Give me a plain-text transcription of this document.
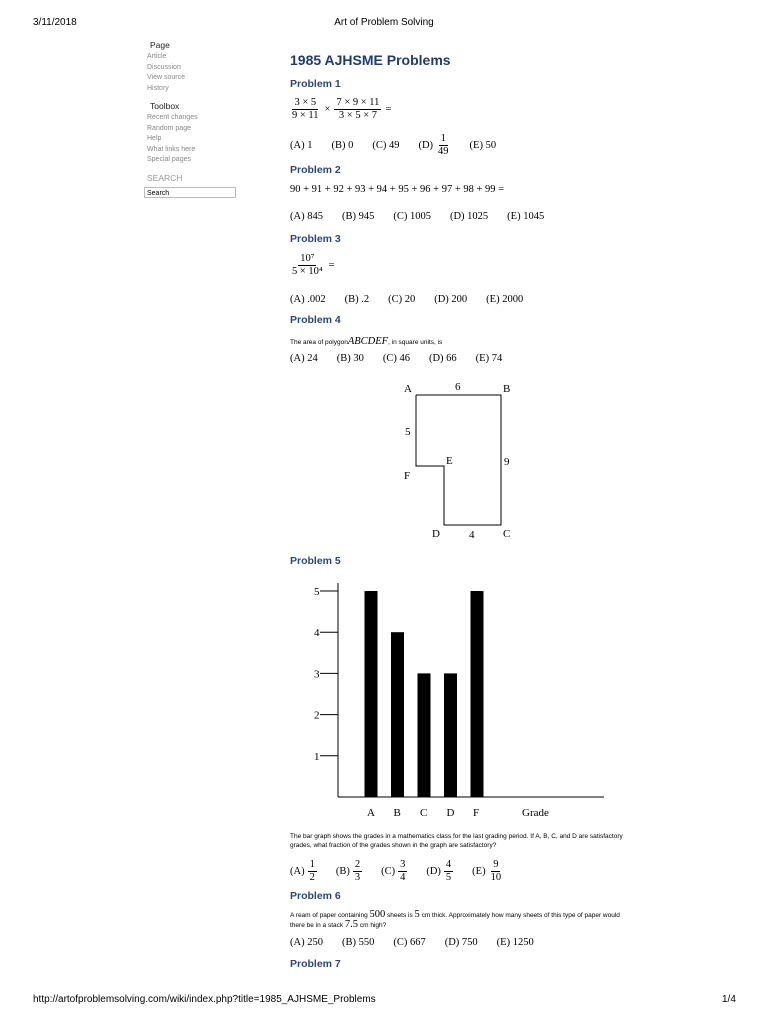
3/11/2018	Art of Problem Solving
Page
Article
Discussion
View source
History
Toolbox
Recent changes
Random page
Help
What links here
Special pages
SEARCH
Search
1985 AJHSME Problems
Problem 1
$\frac{3 \times 5}{9 \times 11} \times \frac{7 \times 9 \times 11}{3 \times 5 \times 7}$ =
(A) 1 (B) 0 (C) 49 $(D) \frac{1}{49} (E)$ 50
Problem 2
90 + 91 + 92 + 93 + 94 + 95 + 96 + 97 + 98 + 99 =
(A) 845 (B) 945 (C) 1005 (D) 1025 (E) 1045
Problem 3
$\frac{\text{10⁷}}{\text{5 × 10⁴}}$ =
(A) .002 (B) .2 (C) 20 (D) 200 (E) 2000
Problem 4
The area of polygon ABCDEF , in square units, is
(A) 24 (B) 30 (C) 46 (D) 66 (E) 74
A	B
C
D
E
F
6
5
9
4
Problem 5
1
2
3
4
5
A B C D F	Grade
The bar graph shows the grades in a mathematics class for the last grading period. If A, B, C, and D are satisfactory grades, what fraction of the grades shown in the graph are satisfactory?
$(A) \frac{1}{2} (B) \frac{2}{3} (C) \frac{3}{4} (D) \frac{4}{5} (E) \frac{9}{10}$
Problem 6
A ream of paper containing 500 sheets is 5 cm thick. Approximately how many sheets of this type of paper would there be in a stack 7.5 cm high?
(A) 250 (B) 550 (C) 667 (D) 750 (E) 1250
Problem 7
http://artofproblemsolving.com/wiki/index.php?title=1985_AJHSME_Problems	1/4
